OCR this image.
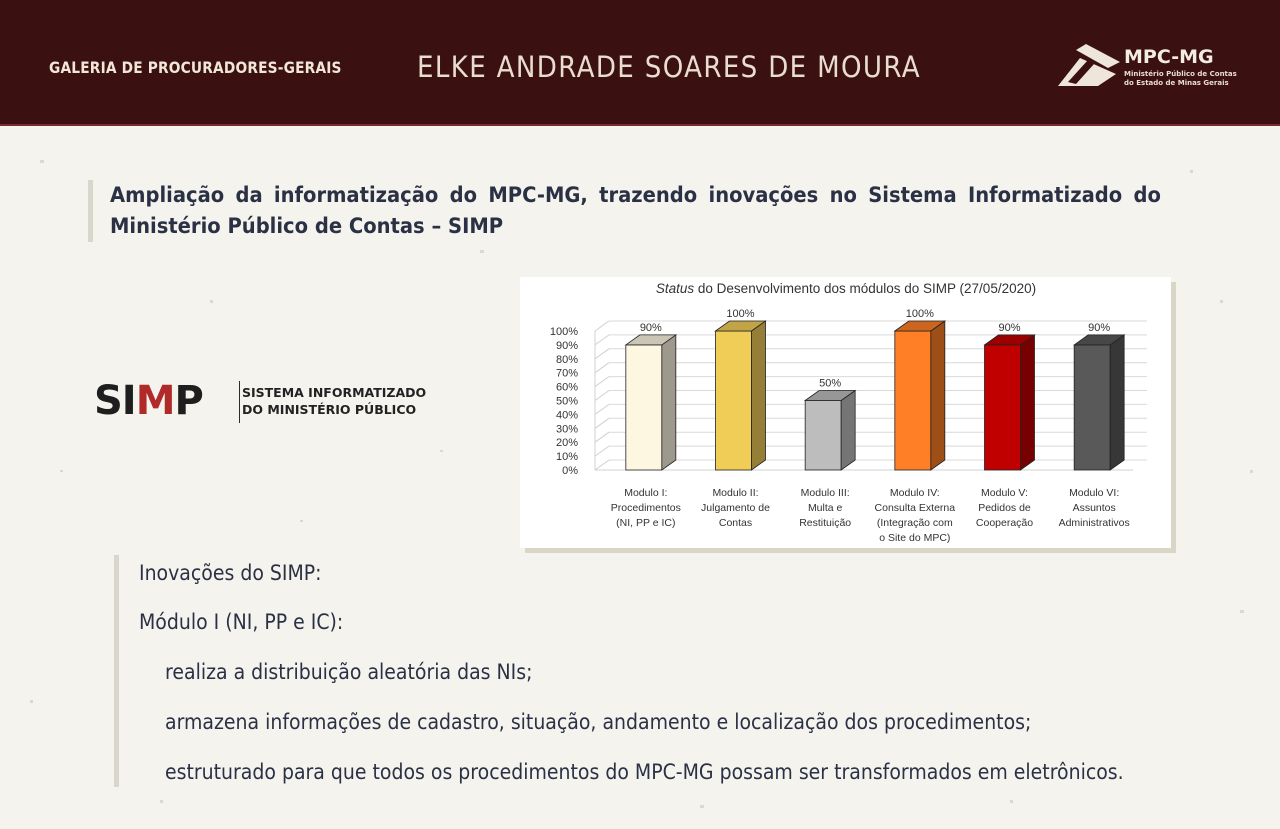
GALERIA DE PROCURADORES-GERAIS	ELKE ANDRADE SOARES DE MOURA	MPC-MG
Ministério Público de Contas
do Estado de Minas Gerais
Ampliação da informatização do MPC-MG, trazendo inovações no Sistema Informatizado do Ministério Público de Contas – SIMP
SIMP	SISTEMA INFORMATIZADO
DO MINISTÉRIO PÚBLICO
Status do Desenvolvimento dos módulos do SIMP (27/05/2020)
0%
10%
20%
30%
40%
50%
60%
70%
80%
90%
100%	90%
Modulo I:
Procedimentos
(NI, PP e IC)
100%
Modulo II:
Julgamento de
Contas
50%
Modulo III:
Multa e
Restituição
100%
Modulo IV:
Consulta Externa
(Integração com
o Site do MPC)
90%
Modulo V:
Pedidos de
Cooperação
90%
Modulo VI:
Assuntos
Administrativos

Inovações do SIMP:

Módulo I (NI, PP e IC):

realiza a distribuição aleatória das NIs;

armazena informações de cadastro, situação, andamento e localização dos procedimentos;

estruturado para que todos os procedimentos do MPC-MG possam ser transformados em eletrônicos.
